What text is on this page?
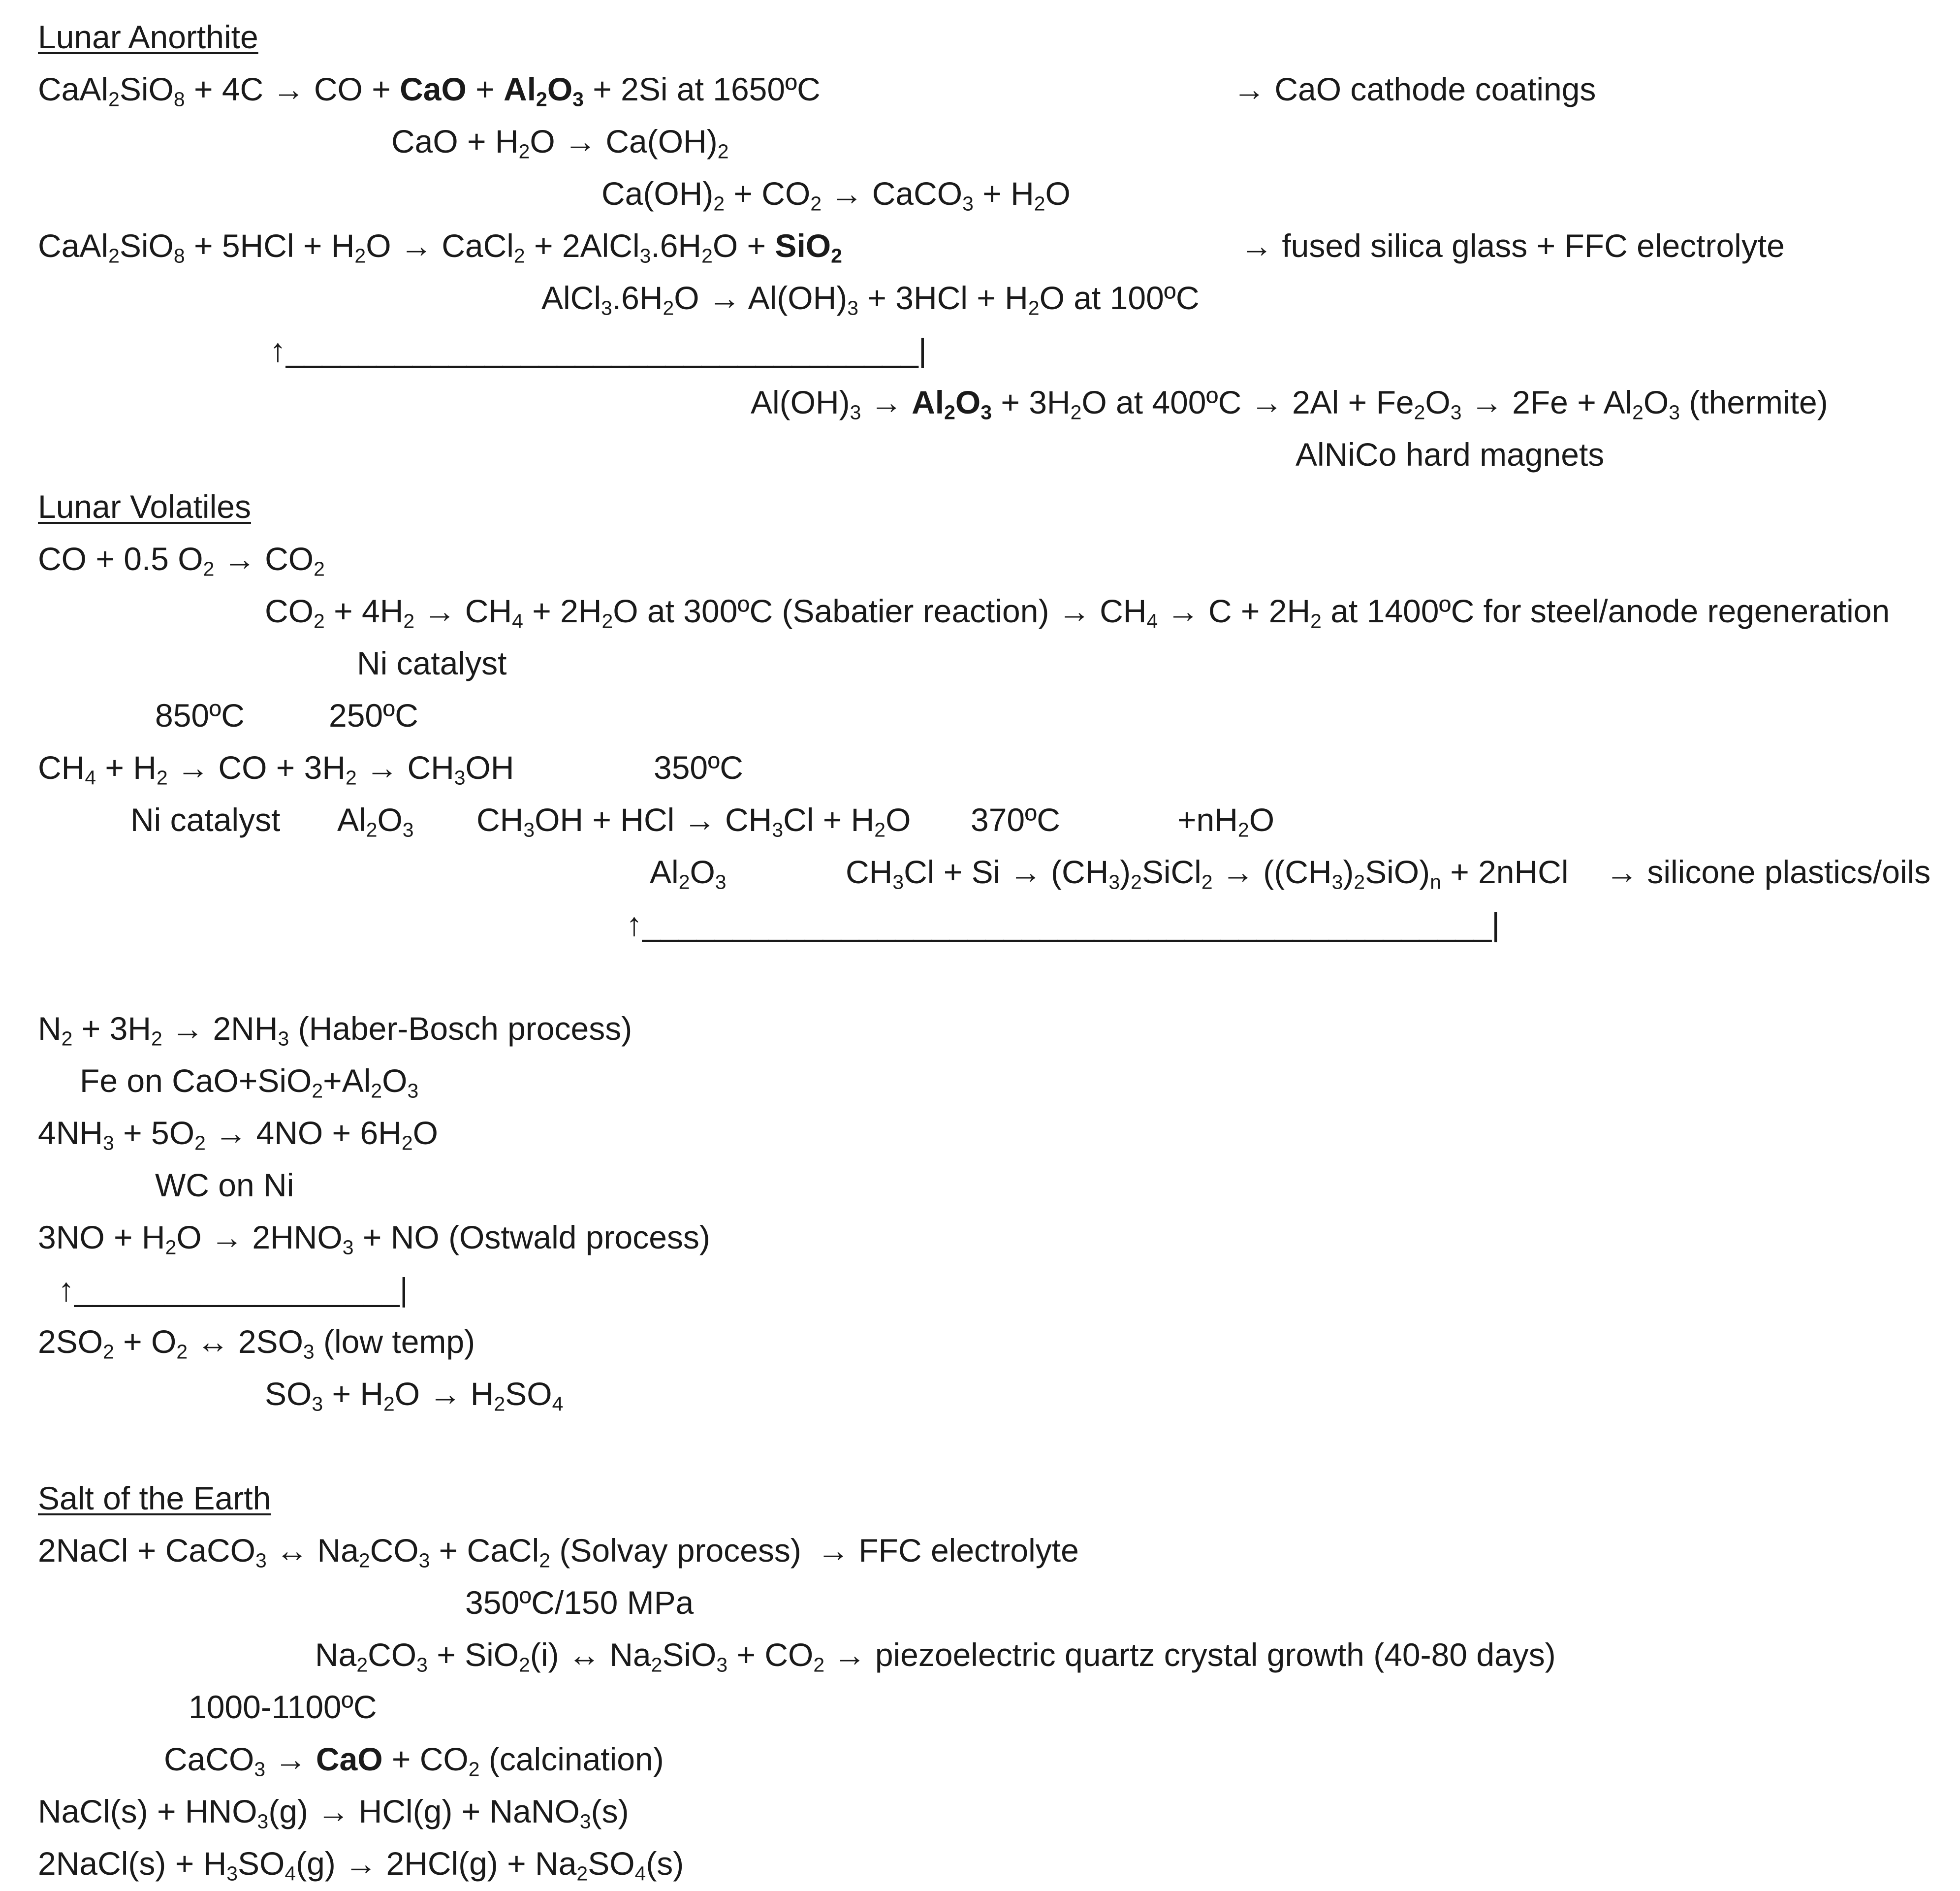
Lunar Anorthite
CaAl$_2$SiO$_8$ + 4C → CO + CaO + $Al_2O_3 + 2Si$ at 1650ºC	→ CaO cathode coatings
CaO + $H_2O \to Ca(OH)_2$
$Ca(OH)_2 + CO_2$ → CaCO$_3$ + $H_2O$
CaAl$_2$SiO$_8$ + $5HCl + H_2O$ → CaCl$_2$ + $2AlCl_3.6H_2O + SiO_2$	→ fused silica glass + FFC electrolyte
$AlCl_3.6H_2O \to Al(OH)_3 + 3HCl + H_2O$ at 100ºC
↑___________________________________|
$Al(OH)_3 \to Al_2O_3 + 3H_2O$ at 400ºC → $2Al + Fe_2O_3 \to 2Fe + Al_2O_3$ (thermite)
AlNiCo hard magnets
Lunar Volatiles
CO + 0.5 $O_2 \to CO_2$
$CO_2 + 4H_2 \to CH_4 + 2H_2O$ at 300ºC (Sabatier reaction) → $CH_4 \to C + 2H_2$ at 1400ºC for steel/anode regeneration
Ni catalyst
850ºC	250ºC
$CH_4 + H_2$ → CO + $3H_2 \to CH_3OH$	350ºC
Ni catalyst $Al_2O_3$ $CH_3OH$ + HCl → $CH_3Cl + H_2O$ 370ºC	$+nH_2O$
$Al_2O_3$	$CH_3Cl + Si$ → $(CH_3)_2SiCl_2 \to ((CH_3)_2SiO)_n$ + 2nHCl → silicone plastics/oils
↑_______________________________________________|
$N_2 + 3H_2 \to 2NH_3$ (Haber-Bosch process)
Fe on $CaO+SiO_2+Al_2O_3$
$4NH_3 + 5O_2 \to 4NO + 6H_2O$
WC on Ni
$3NO + H_2O \to 2HNO_3$ + NO (Ostwald process)
↑__________________|
$2SO_2 + O_2$ ↔ $2SO_3$ (low temp)
$SO_3 + H_2O \to H_2SO_4$
Salt of the Earth
2NaCl + CaCO$_3$ ↔ $Na_2CO_3$ + CaCl$_2$ (Solvay process) → FFC electrolyte
350ºC/150 MPa
$Na_2CO_3 + SiO_2(i)$ ↔ $Na_2SiO_3 + CO_2$ → piezoelectric quartz crystal growth (40-80 days)
1000-1100ºC
CaCO$_3$ → CaO + $CO_2$ (calcination)
NaCl(s) + $HNO_3(g) \to HCl(g)$ + NaNO$_3$(s)
2NaCl(s) + $H_3SO_4(g) \to 2HCl(g) + Na_2SO_4(s)$
